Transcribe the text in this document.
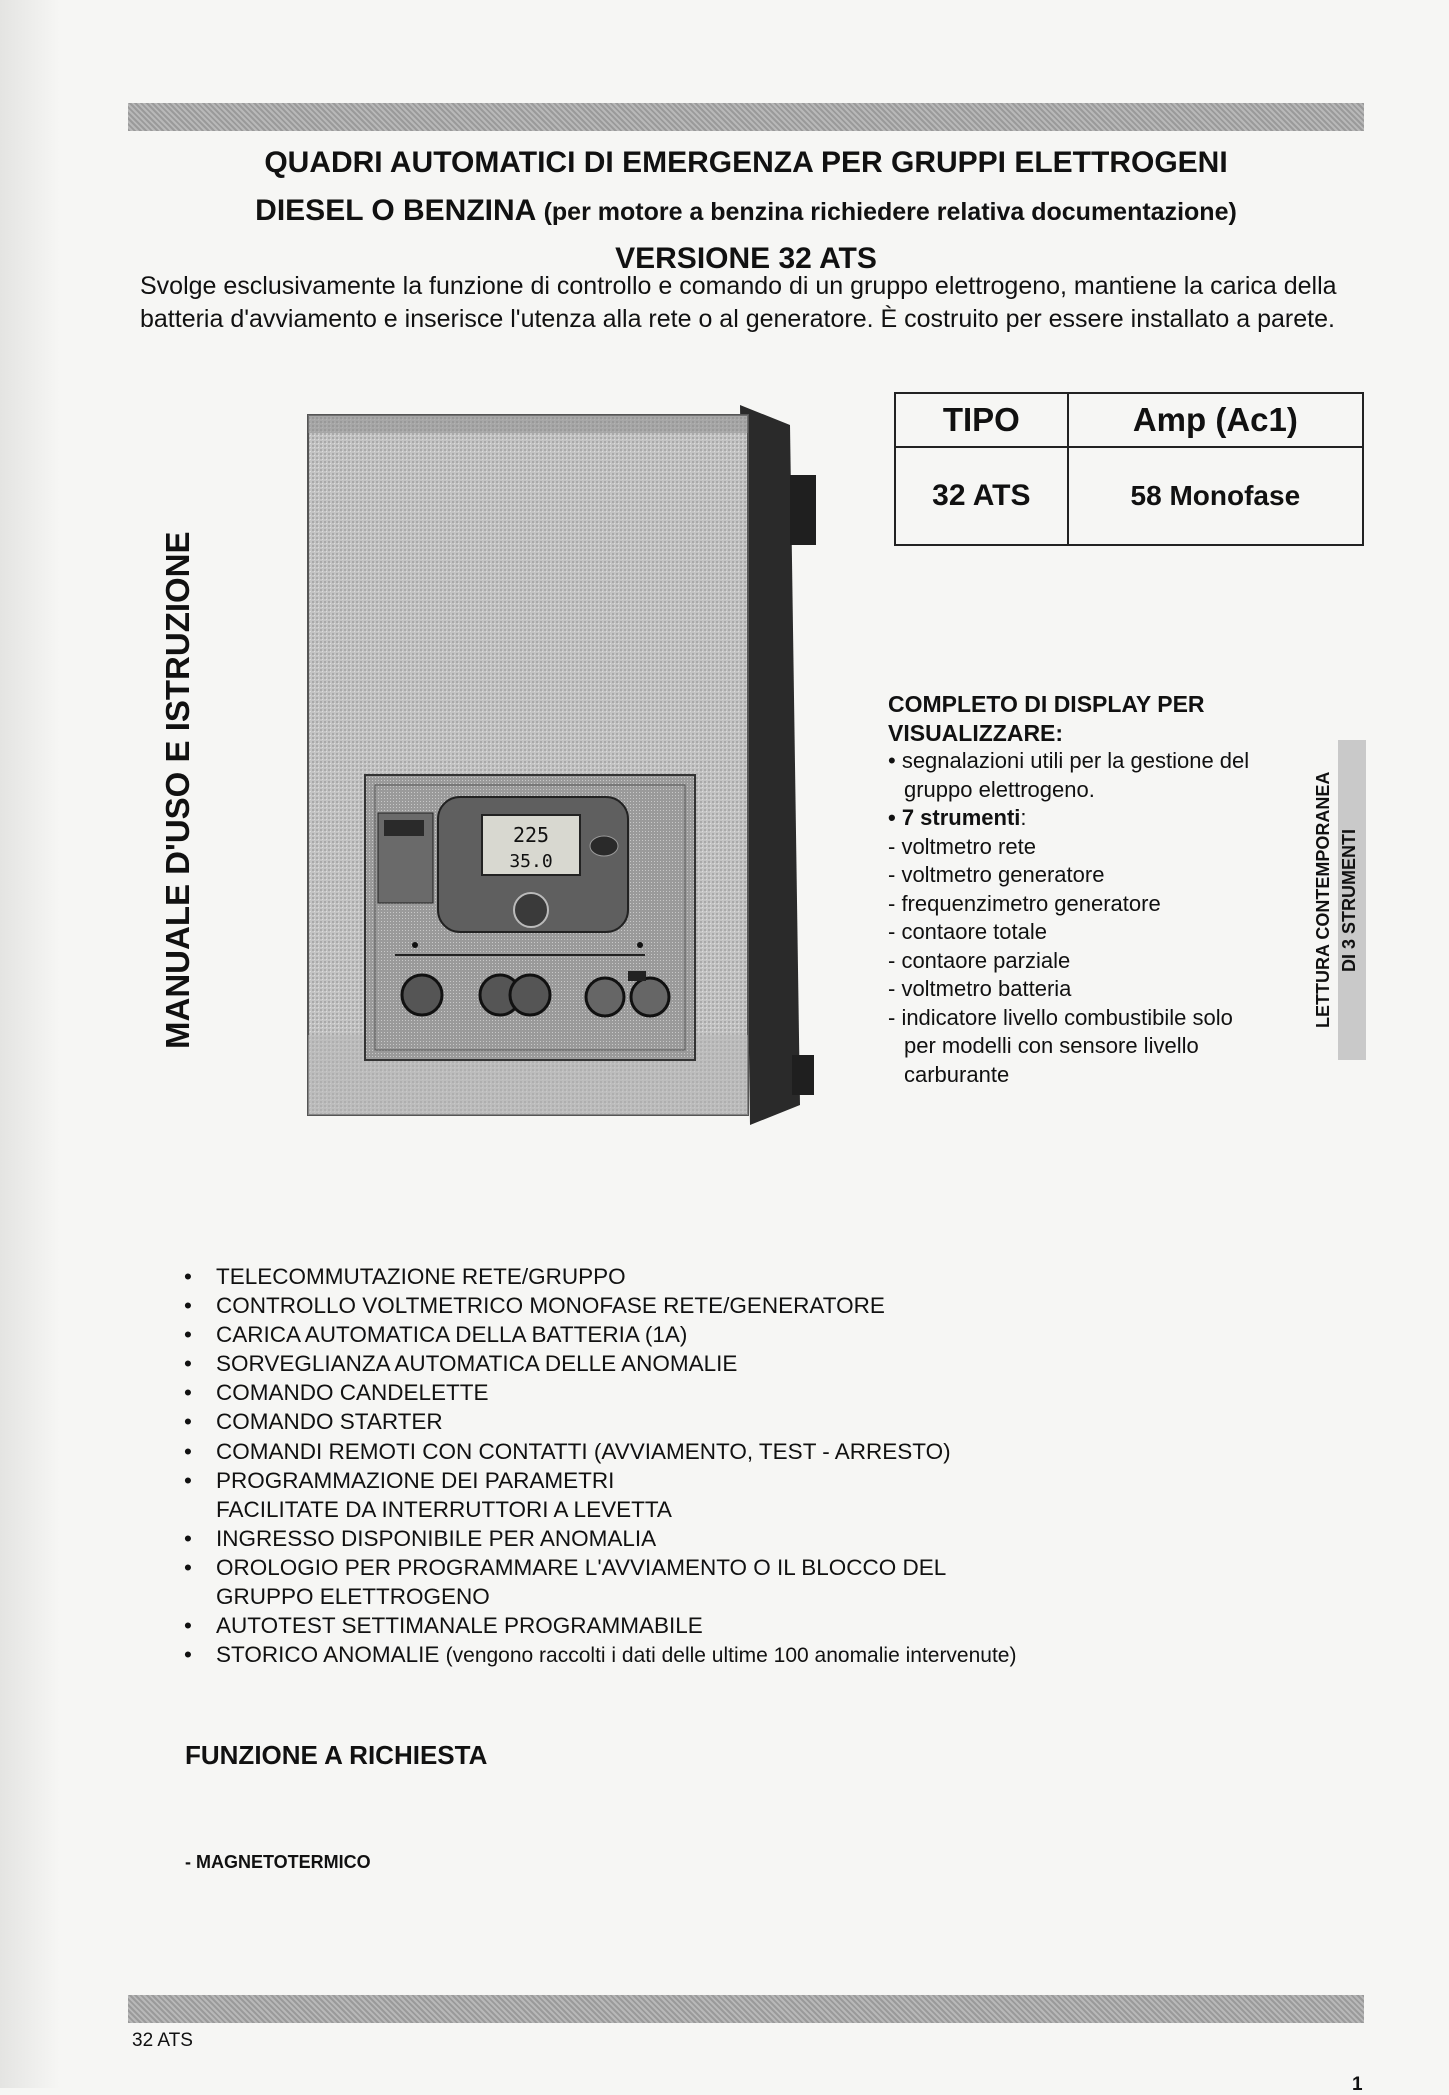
QUADRI AUTOMATICI DI EMERGENZA PER GRUPPI ELETTROGENI
DIESEL O BENZINA (per motore a benzina richiedere relativa documentazione)
VERSIONE 32 ATS

Svolge esclusivamente la funzione di controllo e comando di un gruppo elettrogeno, mantiene la carica della batteria d'avviamento e inserisce l'utenza alla rete o al generatore. È costruito per essere installato a parete.

TIPO	Amp (Ac1)
32 ATS	58 Monofase
MANUALE D'USO E ISTRUZIONE	225
35.0
COMPLETO DI DISPLAY PER
VISUALIZZARE:
• segnalazioni utili per la gestione del
gruppo elettrogeno.
• 7 strumenti:
- voltmetro rete
- voltmetro generatore
- frequenzimetro generatore
- contaore totale
- contaore parziale
- voltmetro batteria
- indicatore livello combustibile solo
per modelli con sensore livello
carburante
LETTURA CONTEMPORANEA DI 3 STRUMENTI
• TELECOMMUTAZIONE RETE/GRUPPO
• CONTROLLO VOLTMETRICO MONOFASE RETE/GENERATORE
• CARICA AUTOMATICA DELLA BATTERIA (1A)
• SORVEGLIANZA AUTOMATICA DELLE ANOMALIE
• COMANDO CANDELETTE
• COMANDO STARTER
• COMANDI REMOTI CON CONTATTI (AVVIAMENTO, TEST - ARRESTO)
• PROGRAMMAZIONE DEI PARAMETRI
FACILITATE DA INTERRUTTORI A LEVETTA
• INGRESSO DISPONIBILE PER ANOMALIA
• OROLOGIO PER PROGRAMMARE L'AVVIAMENTO O IL BLOCCO DEL
GRUPPO ELETTROGENO
• AUTOTEST SETTIMANALE PROGRAMMABILE
• STORICO ANOMALIE (vengono raccolti i dati delle ultime 100 anomalie intervenute)
FUNZIONE A RICHIESTA
- MAGNETOTERMICO
32 ATS
1
